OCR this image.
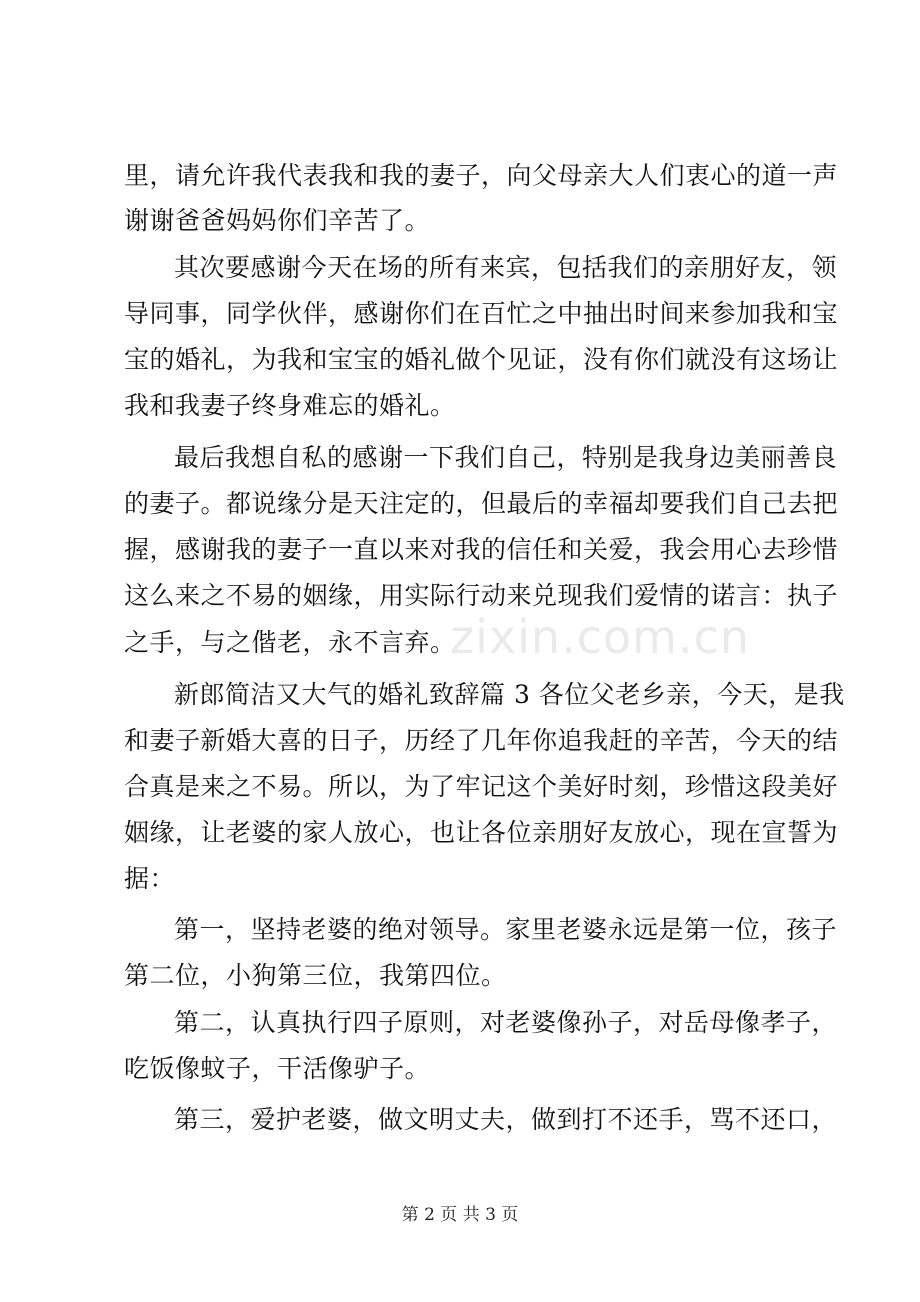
里，请允许我代表我和我的妻子，向父母亲大人们衷心的道一声
谢谢爸爸妈妈你们辛苦了。
其次要感谢今天在场的所有来宾，包括我们的亲朋好友，领
导同事，同学伙伴，感谢你们在百忙之中抽出时间来参加我和宝
宝的婚礼，为我和宝宝的婚礼做个见证，没有你们就没有这场让
我和我妻子终身难忘的婚礼。
最后我想自私的感谢一下我们自己，特别是我身边美丽善良
的妻子。都说缘分是天注定的，但最后的幸福却要我们自己去把
握，感谢我的妻子一直以来对我的信任和关爱，我会用心去珍惜
这么来之不易的姻缘，用实际行动来兑现我们爱情的诺言：执子
之手，与之偕老，永不言弃。
新郎简洁又大气的婚礼致辞篇 3 各位父老乡亲，今天，是我
和妻子新婚大喜的日子，历经了几年你追我赶的辛苦，今天的结
合真是来之不易。所以，为了牢记这个美好时刻，珍惜这段美好
姻缘，让老婆的家人放心，也让各位亲朋好友放心，现在宣誓为
据：
第一，坚持老婆的绝对领导。家里老婆永远是第一位，孩子
第二位，小狗第三位，我第四位。
第二，认真执行四子原则，对老婆像孙子，对岳母像孝子，
吃饭像蚊子，干活像驴子。
第三，爱护老婆，做文明丈夫，做到打不还手，骂不还口，
zixin.com.cn
第 2 页 共 3 页
